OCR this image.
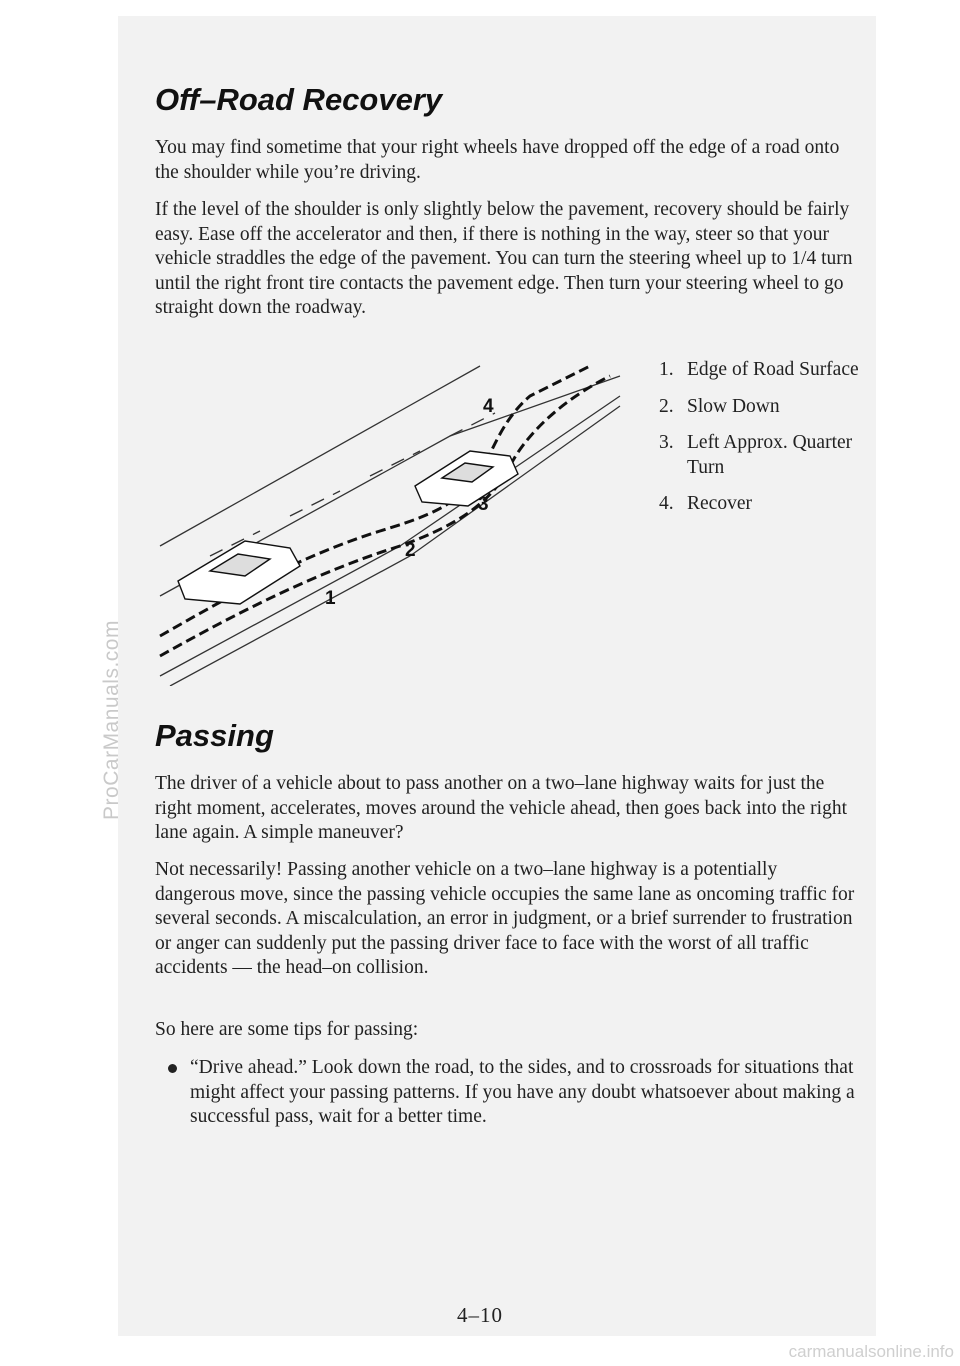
ProCarManuals.com
carmanualsonline.info
Off–Road Recovery

You may find sometime that your right wheels have dropped off the edge of a road onto the shoulder while you’re driving.

If the level of the shoulder is only slightly below the pavement, recovery should be fairly easy. Ease off the accelerator and then, if there is nothing in the way, steer so that your vehicle straddles the edge of the pavement. You can turn the steering wheel up to 1/4 turn until the right front tire contacts the pavement edge. Then turn your steering wheel to go straight down the roadway.

1
2
3
4
1. Edge of Road Surface
2. Slow Down
3. Left Approx. Quarter Turn
4. Recover
Passing

The driver of a vehicle about to pass another on a two–lane highway waits for just the right moment, accelerates, moves around the vehicle ahead, then goes back into the right lane again. A simple maneuver?

Not necessarily! Passing another vehicle on a two–lane highway is a potentially dangerous move, since the passing vehicle occupies the same lane as oncoming traffic for several seconds. A miscalculation, an error in judgment, or a brief surrender to frustration or anger can suddenly put the passing driver face to face with the worst of all traffic accidents — the head–on collision.

So here are some tips for passing:

“Drive ahead.” Look down the road, to the sides, and to crossroads for situations that might affect your passing patterns. If you have any doubt whatsoever about making a successful pass, wait for a better time.
4–10
